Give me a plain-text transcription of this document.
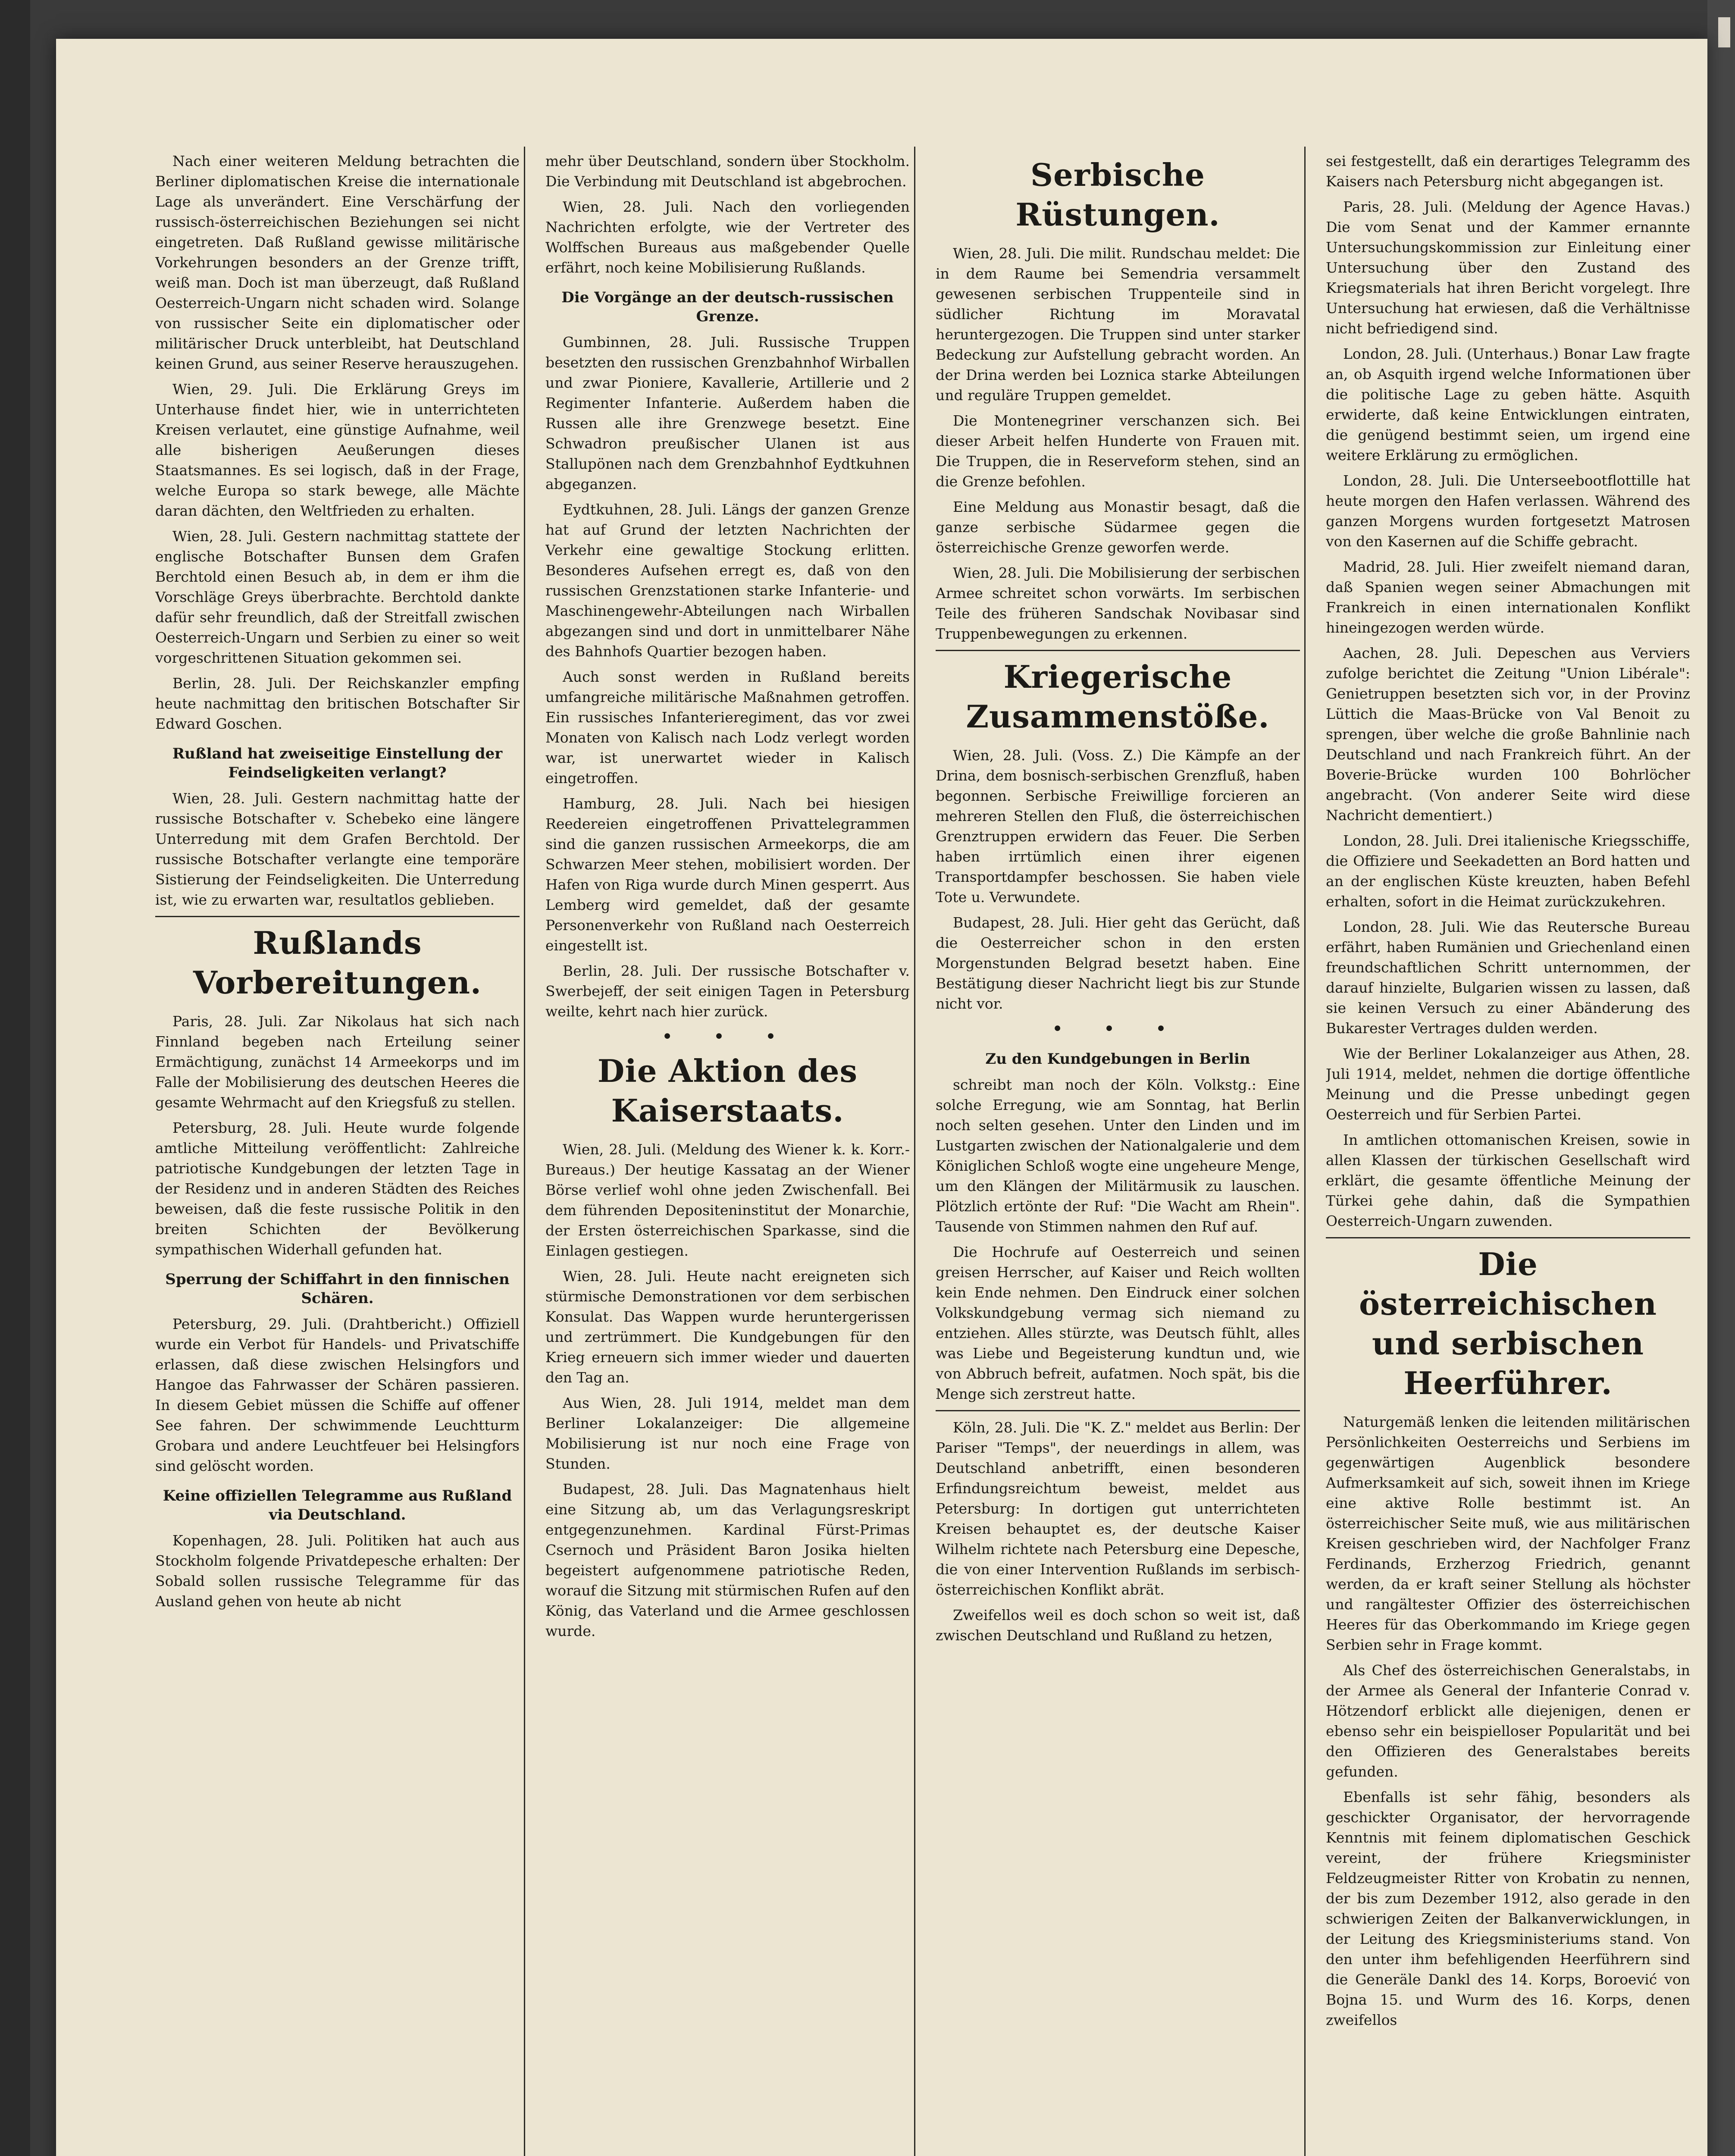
Nach einer weiteren Meldung betrachten die Berliner diplomatischen Kreise die internationale Lage als unverändert. Eine Verschärfung der russisch-österreichischen Beziehungen sei nicht eingetreten. Daß Rußland gewisse militärische Vorkehrungen besonders an der Grenze trifft, weiß man. Doch ist man überzeugt, daß Rußland Oesterreich-Ungarn nicht schaden wird. Solange von russischer Seite ein diplomatischer oder militärischer Druck unterbleibt, hat Deutschland keinen Grund, aus seiner Reserve herauszugehen.

Wien, 29. Juli. Die Erklärung Greys im Unterhause findet hier, wie in unterrichteten Kreisen verlautet, eine günstige Aufnahme, weil alle bisherigen Aeußerungen dieses Staatsmannes. Es sei logisch, daß in der Frage, welche Europa so stark bewege, alle Mächte daran dächten, den Weltfrieden zu erhalten.

Wien, 28. Juli. Gestern nachmittag stattete der englische Botschafter Bunsen dem Grafen Berchtold einen Besuch ab, in dem er ihm die Vorschläge Greys überbrachte. Berchtold dankte dafür sehr freundlich, daß der Streitfall zwischen Oesterreich-Ungarn und Serbien zu einer so weit vorgeschrittenen Situation gekommen sei.

Berlin, 28. Juli. Der Reichskanzler empfing heute nachmittag den britischen Botschafter Sir Edward Goschen.

Rußland hat zweiseitige Einstellung der Feindseligkeiten verlangt?

Wien, 28. Juli. Gestern nachmittag hatte der russische Botschafter v. Schebeko eine längere Unterredung mit dem Grafen Berchtold. Der russische Botschafter verlangte eine temporäre Sistierung der Feindseligkeiten. Die Unterredung ist, wie zu erwarten war, resultatlos geblieben.

Rußlands Vorbereitungen.

Paris, 28. Juli. Zar Nikolaus hat sich nach Finnland begeben nach Erteilung seiner Ermächtigung, zunächst 14 Armeekorps und im Falle der Mobilisierung des deutschen Heeres die gesamte Wehrmacht auf den Kriegsfuß zu stellen.

Petersburg, 28. Juli. Heute wurde folgende amtliche Mitteilung veröffentlicht: Zahlreiche patriotische Kundgebungen der letzten Tage in der Residenz und in anderen Städten des Reiches beweisen, daß die feste russische Politik in den breiten Schichten der Bevölkerung sympathischen Widerhall gefunden hat.

Sperrung der Schiffahrt in den finnischen Schären.

Petersburg, 29. Juli. (Drahtbericht.) Offiziell wurde ein Verbot für Handels- und Privatschiffe erlassen, daß diese zwischen Helsingfors und Hangoe das Fahrwasser der Schären passieren. In diesem Gebiet müssen die Schiffe auf offener See fahren. Der schwimmende Leuchtturm Grobara und andere Leuchtfeuer bei Helsingfors sind gelöscht worden.

Keine offiziellen Telegramme aus Rußland via Deutschland.

Kopenhagen, 28. Juli. Politiken hat auch aus Stockholm folgende Privatdepesche erhalten: Der Sobald sollen russische Telegramme für das Ausland gehen von heute ab nicht

mehr über Deutschland, sondern über Stockholm. Die Verbindung mit Deutschland ist abgebrochen.

Wien, 28. Juli. Nach den vorliegenden Nachrichten erfolgte, wie der Vertreter des Wolffschen Bureaus aus maßgebender Quelle erfährt, noch keine Mobilisierung Rußlands.

Die Vorgänge an der deutsch-russischen Grenze.

Gumbinnen, 28. Juli. Russische Truppen besetzten den russischen Grenzbahnhof Wirballen und zwar Pioniere, Kavallerie, Artillerie und 2 Regimenter Infanterie. Außerdem haben die Russen alle ihre Grenzwege besetzt. Eine Schwadron preußischer Ulanen ist aus Stallupönen nach dem Grenzbahnhof Eydtkuhnen abgeganzen.

Eydtkuhnen, 28. Juli. Längs der ganzen Grenze hat auf Grund der letzten Nachrichten der Verkehr eine gewaltige Stockung erlitten. Besonderes Aufsehen erregt es, daß von den russischen Grenzstationen starke Infanterie- und Maschinengewehr-Abteilungen nach Wirballen abgezangen sind und dort in unmittelbarer Nähe des Bahnhofs Quartier bezogen haben.

Auch sonst werden in Rußland bereits umfangreiche militärische Maßnahmen getroffen. Ein russisches Infanterieregiment, das vor zwei Monaten von Kalisch nach Lodz verlegt worden war, ist unerwartet wieder in Kalisch eingetroffen.

Hamburg, 28. Juli. Nach bei hiesigen Reedereien eingetroffenen Privattelegrammen sind die ganzen russischen Armeekorps, die am Schwarzen Meer stehen, mobilisiert worden. Der Hafen von Riga wurde durch Minen gesperrt. Aus Lemberg wird gemeldet, daß der gesamte Personenverkehr von Rußland nach Oesterreich eingestellt ist.

Berlin, 28. Juli. Der russische Botschafter v. Swerbejeff, der seit einigen Tagen in Petersburg weilte, kehrt nach hier zurück.

• • •
Die Aktion des Kaiserstaats.

Wien, 28. Juli. (Meldung des Wiener k. k. Korr.-Bureaus.) Der heutige Kassatag an der Wiener Börse verlief wohl ohne jeden Zwischenfall. Bei dem führenden Depositeninstitut der Monarchie, der Ersten österreichischen Sparkasse, sind die Einlagen gestiegen.

Wien, 28. Juli. Heute nacht ereigneten sich stürmische Demonstrationen vor dem serbischen Konsulat. Das Wappen wurde heruntergerissen und zertrümmert. Die Kundgebungen für den Krieg erneuern sich immer wieder und dauerten den Tag an.

Aus Wien, 28. Juli 1914, meldet man dem Berliner Lokalanzeiger: Die allgemeine Mobilisierung ist nur noch eine Frage von Stunden.

Budapest, 28. Juli. Das Magnatenhaus hielt eine Sitzung ab, um das Verlagungsreskript entgegenzunehmen. Kardinal Fürst-Primas Csernoch und Präsident Baron Josika hielten begeistert aufgenommene patriotische Reden, worauf die Sitzung mit stürmischen Rufen auf den König, das Vaterland und die Armee geschlossen wurde.

Serbische Rüstungen.

Wien, 28. Juli. Die milit. Rundschau meldet: Die in dem Raume bei Semendria versammelt gewesenen serbischen Truppenteile sind in südlicher Richtung im Moravatal heruntergezogen. Die Truppen sind unter starker Bedeckung zur Aufstellung gebracht worden. An der Drina werden bei Loznica starke Abteilungen und reguläre Truppen gemeldet.

Die Montenegriner verschanzen sich. Bei dieser Arbeit helfen Hunderte von Frauen mit. Die Truppen, die in Reserveform stehen, sind an die Grenze befohlen.

Eine Meldung aus Monastir besagt, daß die ganze serbische Südarmee gegen die österreichische Grenze geworfen werde.

Wien, 28. Juli. Die Mobilisierung der serbischen Armee schreitet schon vorwärts. Im serbischen Teile des früheren Sandschak Novibasar sind Truppenbewegungen zu erkennen.

Kriegerische Zusammenstöße.

Wien, 28. Juli. (Voss. Z.) Die Kämpfe an der Drina, dem bosnisch-serbischen Grenzfluß, haben begonnen. Serbische Freiwillige forcieren an mehreren Stellen den Fluß, die österreichischen Grenztruppen erwidern das Feuer. Die Serben haben irrtümlich einen ihrer eigenen Transportdampfer beschossen. Sie haben viele Tote u. Verwundete.

Budapest, 28. Juli. Hier geht das Gerücht, daß die Oesterreicher schon in den ersten Morgenstunden Belgrad besetzt haben. Eine Bestätigung dieser Nachricht liegt bis zur Stunde nicht vor.

• • •
Zu den Kundgebungen in Berlin

schreibt man noch der Köln. Volkstg.: Eine solche Erregung, wie am Sonntag, hat Berlin noch selten gesehen. Unter den Linden und im Lustgarten zwischen der Nationalgalerie und dem Königlichen Schloß wogte eine ungeheure Menge, um den Klängen der Militärmusik zu lauschen. Plötzlich ertönte der Ruf: "Die Wacht am Rhein". Tausende von Stimmen nahmen den Ruf auf.

Die Hochrufe auf Oesterreich und seinen greisen Herrscher, auf Kaiser und Reich wollten kein Ende nehmen. Den Eindruck einer solchen Volkskundgebung vermag sich niemand zu entziehen. Alles stürzte, was Deutsch fühlt, alles was Liebe und Begeisterung kundtun und, wie von Abbruch befreit, aufatmen. Noch spät, bis die Menge sich zerstreut hatte.

Köln, 28. Juli. Die "K. Z." meldet aus Berlin: Der Pariser "Temps", der neuerdings in allem, was Deutschland anbetrifft, einen besonderen Erfindungsreichtum beweist, meldet aus Petersburg: In dortigen gut unterrichteten Kreisen behauptet es, der deutsche Kaiser Wilhelm richtete nach Petersburg eine Depesche, die von einer Intervention Rußlands im serbisch-österreichischen Konflikt abrät.

Zweifellos weil es doch schon so weit ist, daß zwischen Deutschland und Rußland zu hetzen,

sei festgestellt, daß ein derartiges Telegramm des Kaisers nach Petersburg nicht abgegangen ist.

Paris, 28. Juli. (Meldung der Agence Havas.) Die vom Senat und der Kammer ernannte Untersuchungskommission zur Einleitung einer Untersuchung über den Zustand des Kriegsmaterials hat ihren Bericht vorgelegt. Ihre Untersuchung hat erwiesen, daß die Verhältnisse nicht befriedigend sind.

London, 28. Juli. (Unterhaus.) Bonar Law fragte an, ob Asquith irgend welche Informationen über die politische Lage zu geben hätte. Asquith erwiderte, daß keine Entwicklungen eintraten, die genügend bestimmt seien, um irgend eine weitere Erklärung zu ermöglichen.

London, 28. Juli. Die Unterseebootflottille hat heute morgen den Hafen verlassen. Während des ganzen Morgens wurden fortgesetzt Matrosen von den Kasernen auf die Schiffe gebracht.

Madrid, 28. Juli. Hier zweifelt niemand daran, daß Spanien wegen seiner Abmachungen mit Frankreich in einen internationalen Konflikt hineingezogen werden würde.

Aachen, 28. Juli. Depeschen aus Verviers zufolge berichtet die Zeitung "Union Libérale": Genietruppen besetzten sich vor, in der Provinz Lüttich die Maas-Brücke von Val Benoit zu sprengen, über welche die große Bahnlinie nach Deutschland und nach Frankreich führt. An der Boverie-Brücke wurden 100 Bohrlöcher angebracht. (Von anderer Seite wird diese Nachricht dementiert.)

London, 28. Juli. Drei italienische Kriegsschiffe, die Offiziere und Seekadetten an Bord hatten und an der englischen Küste kreuzten, haben Befehl erhalten, sofort in die Heimat zurückzukehren.

London, 28. Juli. Wie das Reutersche Bureau erfährt, haben Rumänien und Griechenland einen freundschaftlichen Schritt unternommen, der darauf hinzielte, Bulgarien wissen zu lassen, daß sie keinen Versuch zu einer Abänderung des Bukarester Vertrages dulden werden.

Wie der Berliner Lokalanzeiger aus Athen, 28. Juli 1914, meldet, nehmen die dortige öffentliche Meinung und die Presse unbedingt gegen Oesterreich und für Serbien Partei.

In amtlichen ottomanischen Kreisen, sowie in allen Klassen der türkischen Gesellschaft wird erklärt, die gesamte öffentliche Meinung der Türkei gehe dahin, daß die Sympathien Oesterreich-Ungarn zuwenden.

Die österreichischen und serbischen Heerführer.

Naturgemäß lenken die leitenden militärischen Persönlichkeiten Oesterreichs und Serbiens im gegenwärtigen Augenblick besondere Aufmerksamkeit auf sich, soweit ihnen im Kriege eine aktive Rolle bestimmt ist. An österreichischer Seite muß, wie aus militärischen Kreisen geschrieben wird, der Nachfolger Franz Ferdinands, Erzherzog Friedrich, genannt werden, da er kraft seiner Stellung als höchster und rangältester Offizier des österreichischen Heeres für das Oberkommando im Kriege gegen Serbien sehr in Frage kommt.

Als Chef des österreichischen Generalstabs, in der Armee als General der Infanterie Conrad v. Hötzendorf erblickt alle diejenigen, denen er ebenso sehr ein beispielloser Popularität und bei den Offizieren des Generalstabes bereits gefunden.

Ebenfalls ist sehr fähig, besonders als geschickter Organisator, der hervorragende Kenntnis mit feinem diplomatischen Geschick vereint, der frühere Kriegsminister Feldzeugmeister Ritter von Krobatin zu nennen, der bis zum Dezember 1912, also gerade in den schwierigen Zeiten der Balkanverwicklungen, in der Leitung des Kriegsministeriums stand. Von den unter ihm befehligenden Heerführern sind die Generäle Dankl des 14. Korps, Boroević von Bojna 15. und Wurm des 16. Korps, denen zweifellos
